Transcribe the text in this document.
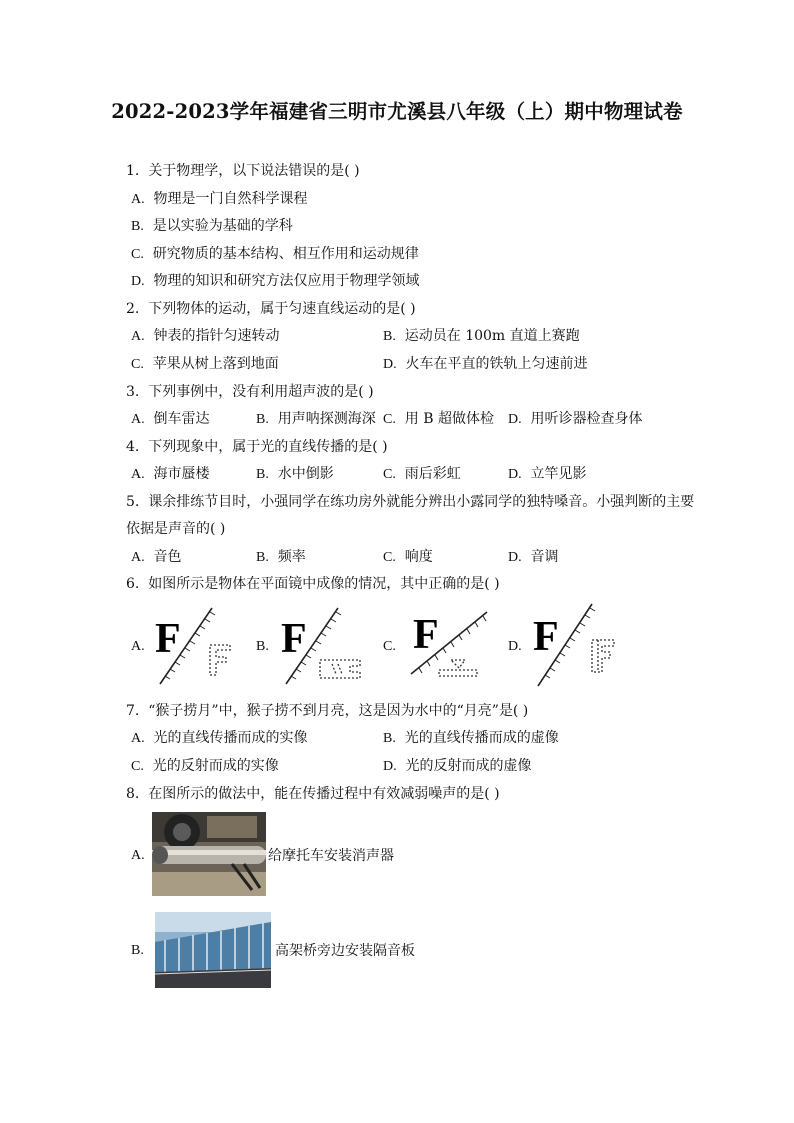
2022-2023学年福建省三明市尤溪县八年级（上）期中物理试卷
1. 关于物理学，以下说法错误的是( )
A. 物理是一门自然科学课程
B. 是以实验为基础的学科
C. 研究物质的基本结构、相互作用和运动规律
D. 物理的知识和研究方法仅应用于物理学领域
2. 下列物体的运动，属于匀速直线运动的是( )
A. 钟表的指针匀速转动	B. 运动员在 100m 直道上赛跑
C. 苹果从树上落到地面	D. 火车在平直的铁轨上匀速前进
3. 下列事例中，没有利用超声波的是( )
A. 倒车雷达	B. 用声呐探测海深 C. 用 B 超做体检 D. 用听诊器检查身体
4. 下列现象中，属于光的直线传播的是( )
A. 海市蜃楼	B. 水中倒影	C. 雨后彩虹	D. 立竿见影
5. 课余排练节目时，小强同学在练功房外就能分辨出小露同学的独特嗓音。小强判断的主要
依据是声音的( )
A. 音色	B. 频率	C. 响度	D. 音调
6. 如图所示是物体在平面镜中成像的情况，其中正确的是( )
A. F	B. F	C. F	D. F
7. “猴子捞月”中，猴子捞不到月亮，这是因为水中的“月亮”是( )
A. 光的直线传播而成的实像	B. 光的直线传播而成的虚像
C. 光的反射而成的实像	D. 光的反射而成的虚像
8. 在图所示的做法中，能在传播过程中有效减弱噪声的是( )
A.	给摩托车安装消声器
B.	高架桥旁边安装隔音板
